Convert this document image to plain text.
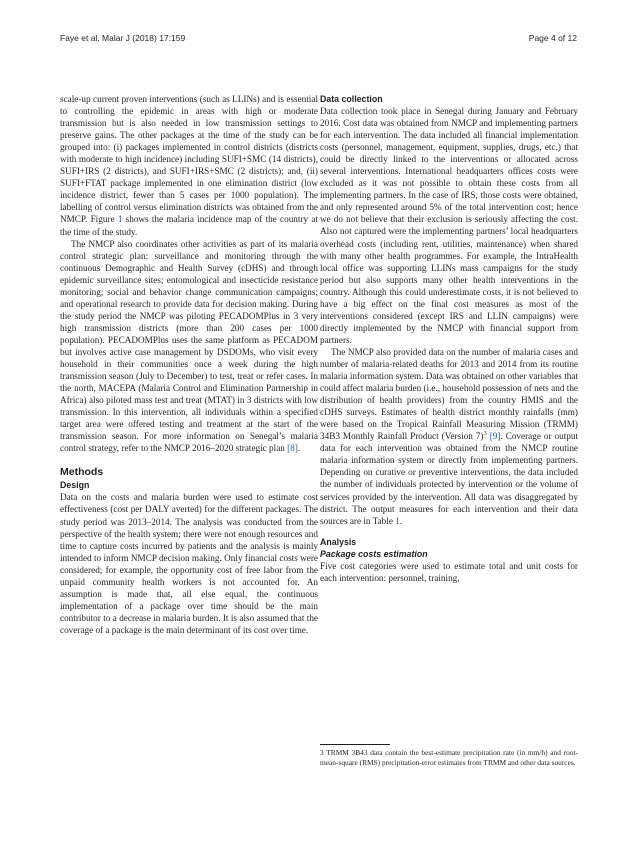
Faye et al. Malar J (2018) 17:159	Page 4 of 12

scale-up current proven interventions (such as LLINs) and is essential to controlling the epidemic in areas with high or moderate transmission but is also needed in low transmission settings to preserve gains. The other packages at the time of the study can be grouped into: (i) packages implemented in control districts (districts with moderate to high incidence) including SUFI+SMC (14 districts), SUFI+IRS (2 districts), and SUFI+IRS+SMC (2 districts); and, (ii) SUFI+FTAT package implemented in one elimination district (low incidence district, fewer than 5 cases per 1000 population). The labelling of control versus elimination districts was obtained from the NMCP. Figure 1 shows the malaria incidence map of the country at the time of the study.

The NMCP also coordinates other activities as part of its malaria control strategic plan: surveillance and monitoring through the continuous Demographic and Health Survey (cDHS) and through epidemic surveillance sites; entomological and insecticide resistance monitoring; social and behavior change communication campaigns; and operational research to provide data for decision making. During the study period the NMCP was piloting PECADOMPlus in 3 very high transmission districts (more than 200 cases per 1000 population). PECADOMPlus uses the same platform as PECADOM but involves active case management by DSDOMs, who visit every household in their communities once a week during the high transmission season (July to December) to test, treat or refer cases. In the north, MACEPA (Malaria Control and Elimination Partnership in Africa) also piloted mass test and treat (MTAT) in 3 districts with low transmission. In this intervention, all individuals within a specified target area were offered testing and treatment at the start of the transmission season. For more information on Senegal’s malaria control strategy, refer to the NMCP 2016–2020 strategic plan [8].

Methods
Design

Data on the costs and malaria burden were used to estimate cost effectiveness (cost per DALY averted) for the different packages. The study period was 2013–2014. The analysis was conducted from the perspective of the health system; there were not enough resources and time to capture costs incurred by patients and the analysis is mainly intended to inform NMCP decision making. Only financial costs were considered; for example, the opportunity cost of free labor from the unpaid community health workers is not accounted for. An assumption is made that, all else equal, the continuous implementation of a package over time should be the main contributor to a decrease in malaria burden. It is also assumed that the coverage of a package is the main determinant of its cost over time.

Data collection

Data collection took place in Senegal during January and February 2016. Cost data was obtained from NMCP and implementing partners for each intervention. The data included all financial implementation costs (personnel, management, equipment, supplies, drugs, etc.) that could be directly linked to the interventions or allocated across several interventions. International headquarters offices costs were excluded as it was not possible to obtain these costs from all implementing partners. In the case of IRS, those costs were obtained, and only represented around 5% of the total intervention cost; hence we do not believe that their exclusion is seriously affecting the cost. Also not captured were the implementing partners’ local headquarters overhead costs (including rent, utilities, maintenance) when shared with many other health programmes. For example, the IntraHealth local office was supporting LLINs mass campaigns for the study period but also supports many other health interventions in the country. Although this could underestimate costs, it is not believed to have a big effect on the final cost measures as most of the interventions considered (except IRS and LLIN campaigns) were directly implemented by the NMCP with financial support from partners.

The NMCP also provided data on the number of malaria cases and number of malaria-related deaths for 2013 and 2014 from its routine malaria information system. Data was obtained on other variables that could affect malaria burden (i.e., household possession of nets and the distribution of health providers) from the country HMIS and the cDHS surveys. Estimates of health district monthly rainfalls (mm) were based on the Tropical Rainfall Measuring Mission (TRMM) 34B3 Monthly Rainfall Product (Version 7)$^3$ [9]. Coverage or output data for each intervention was obtained from the NMCP routine malaria information system or directly from implementing partners. Depending on curative or preventive interventions, the data included the number of individuals protected by intervention or the volume of services provided by the intervention. All data was disaggregated by district. The output measures for each intervention and their data sources are in Table 1.

Analysis
Package costs estimation

Five cost categories were used to estimate total and unit costs for each intervention: personnel, training,

3 TRMM 3B43 data contain the best-estimate precipitation rate (in mm/h) and root-mean-square (RMS) precipitation-error estimates from TRMM and other data sources.
